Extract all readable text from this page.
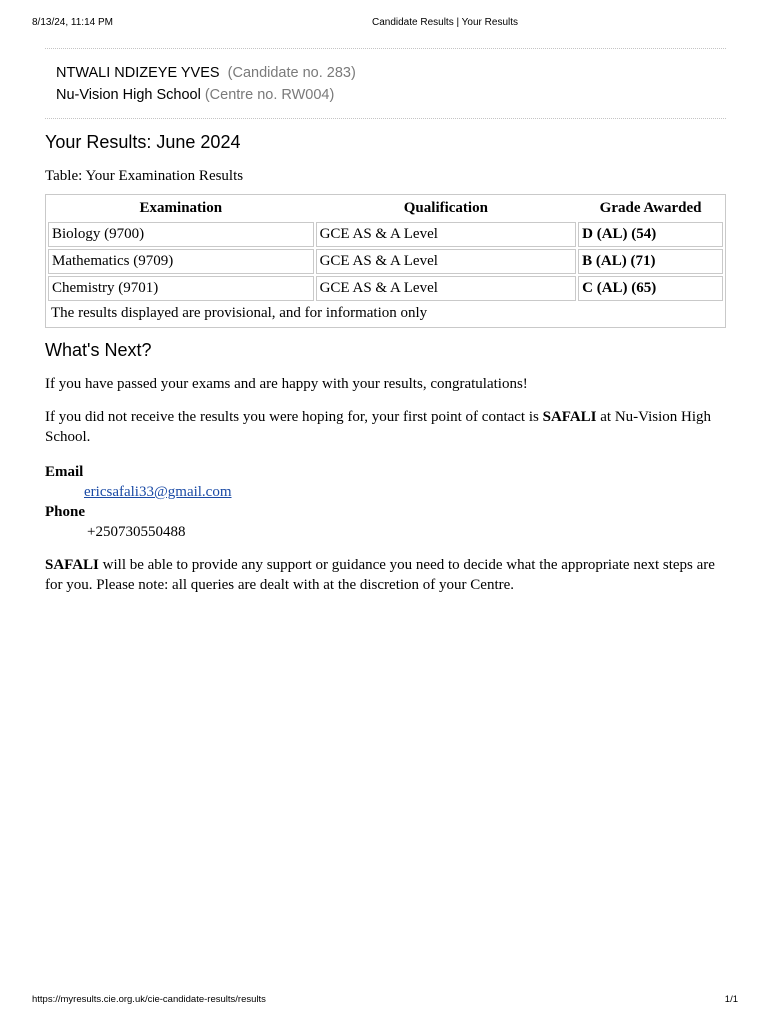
8/13/24, 11:14 PM	Candidate Results | Your Results
NTWALI NDIZEYE YVES (Candidate no. 283)
Nu-Vision High School (Centre no. RW004)
Your Results: June 2024
Table: Your Examination Results
Examination	Qualification	Grade Awarded
Biology (9700)	GCE AS & A Level	D (AL) (54)
Mathematics (9709)	GCE AS & A Level	B (AL) (71)
Chemistry (9701)	GCE AS & A Level	C (AL) (65)
The results displayed are provisional, and for information only		
What's Next?

If you have passed your exams and are happy with your results, congratulations!

If you did not receive the results you were hoping for, your first point of contact is SAFALI at Nu-Vision High School.

Email
ericsafali33@gmail.com
Phone
+250730550488

SAFALI will be able to provide any support or guidance you need to decide what the appropriate next steps are for you. Please note: all queries are dealt with at the discretion of your Centre.

https://myresults.cie.org.uk/cie-candidate-results/results	1/1
